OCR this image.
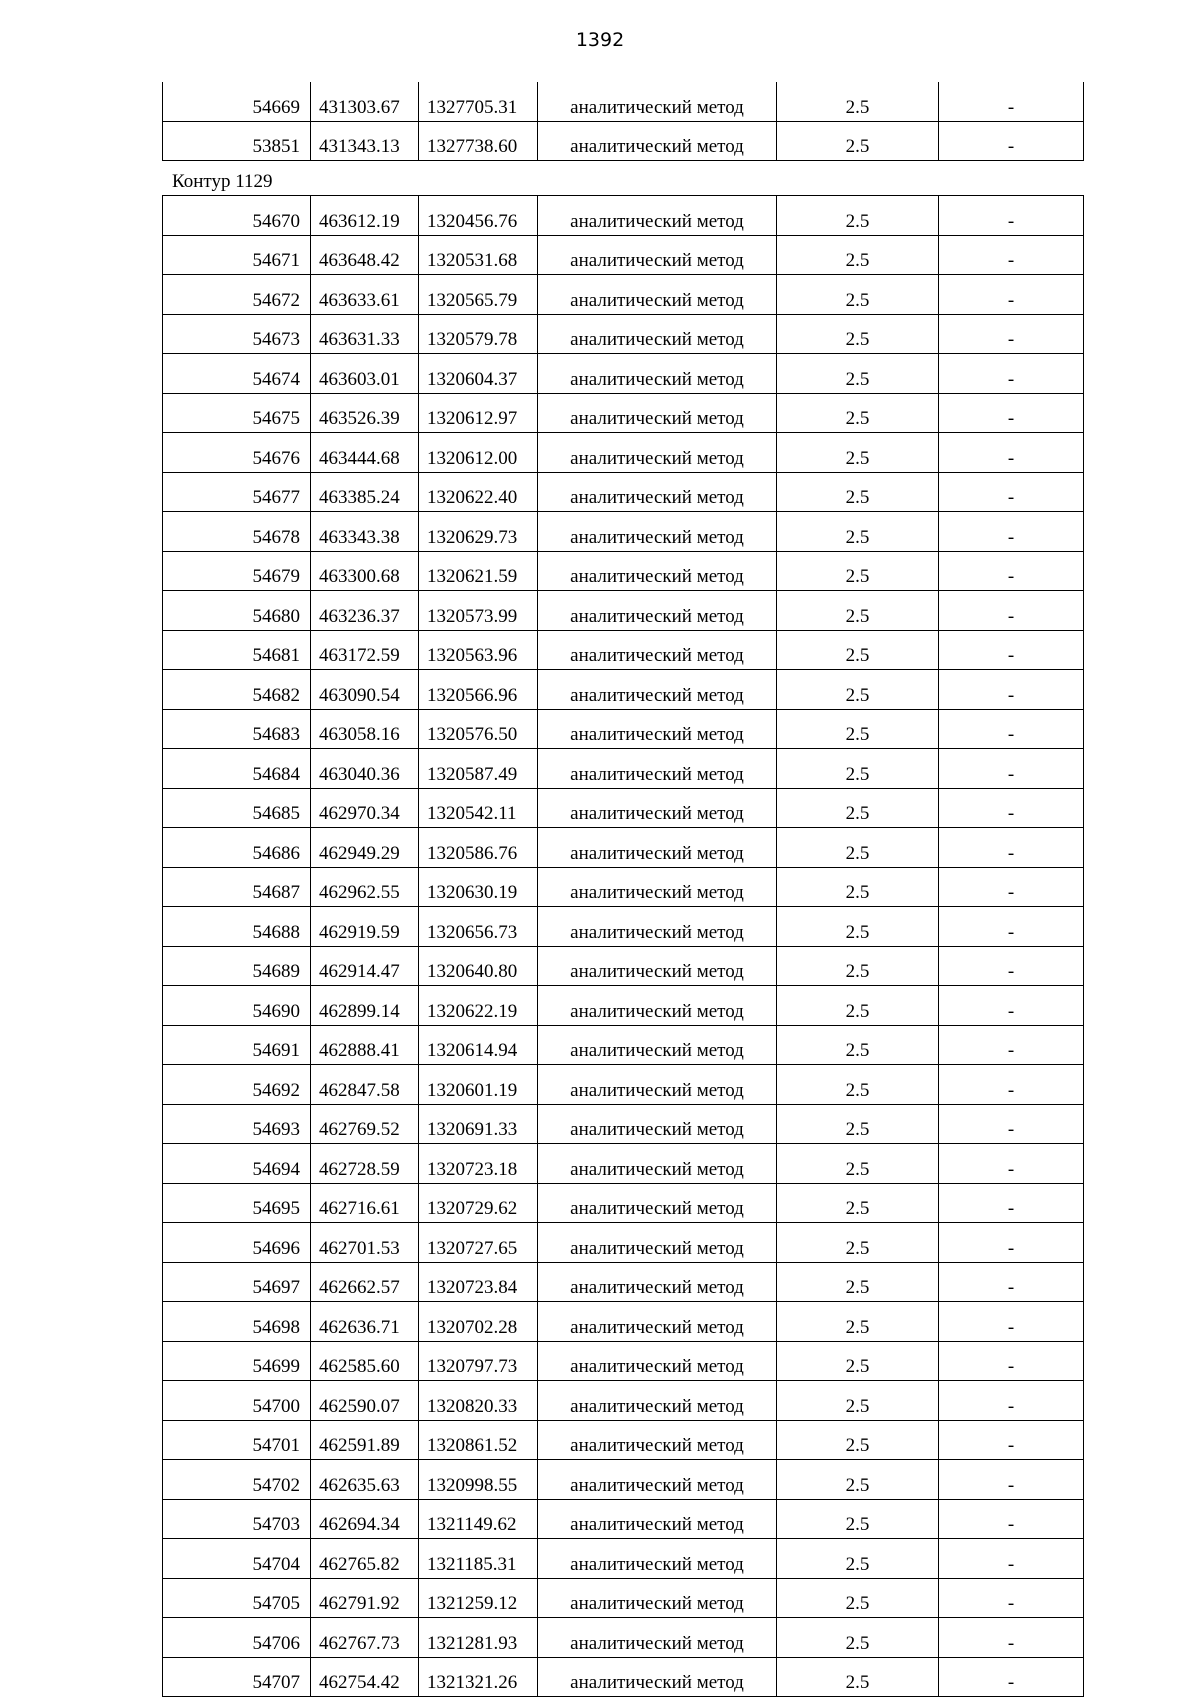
1392
54669	431303.67	1327705.31	аналитический метод	2.5	-
53851	431343.13	1327738.60	аналитический метод	2.5	-
Контур 1129
54670	463612.19	1320456.76	аналитический метод	2.5	-
54671	463648.42	1320531.68	аналитический метод	2.5	-
54672	463633.61	1320565.79	аналитический метод	2.5	-
54673	463631.33	1320579.78	аналитический метод	2.5	-
54674	463603.01	1320604.37	аналитический метод	2.5	-
54675	463526.39	1320612.97	аналитический метод	2.5	-
54676	463444.68	1320612.00	аналитический метод	2.5	-
54677	463385.24	1320622.40	аналитический метод	2.5	-
54678	463343.38	1320629.73	аналитический метод	2.5	-
54679	463300.68	1320621.59	аналитический метод	2.5	-
54680	463236.37	1320573.99	аналитический метод	2.5	-
54681	463172.59	1320563.96	аналитический метод	2.5	-
54682	463090.54	1320566.96	аналитический метод	2.5	-
54683	463058.16	1320576.50	аналитический метод	2.5	-
54684	463040.36	1320587.49	аналитический метод	2.5	-
54685	462970.34	1320542.11	аналитический метод	2.5	-
54686	462949.29	1320586.76	аналитический метод	2.5	-
54687	462962.55	1320630.19	аналитический метод	2.5	-
54688	462919.59	1320656.73	аналитический метод	2.5	-
54689	462914.47	1320640.80	аналитический метод	2.5	-
54690	462899.14	1320622.19	аналитический метод	2.5	-
54691	462888.41	1320614.94	аналитический метод	2.5	-
54692	462847.58	1320601.19	аналитический метод	2.5	-
54693	462769.52	1320691.33	аналитический метод	2.5	-
54694	462728.59	1320723.18	аналитический метод	2.5	-
54695	462716.61	1320729.62	аналитический метод	2.5	-
54696	462701.53	1320727.65	аналитический метод	2.5	-
54697	462662.57	1320723.84	аналитический метод	2.5	-
54698	462636.71	1320702.28	аналитический метод	2.5	-
54699	462585.60	1320797.73	аналитический метод	2.5	-
54700	462590.07	1320820.33	аналитический метод	2.5	-
54701	462591.89	1320861.52	аналитический метод	2.5	-
54702	462635.63	1320998.55	аналитический метод	2.5	-
54703	462694.34	1321149.62	аналитический метод	2.5	-
54704	462765.82	1321185.31	аналитический метод	2.5	-
54705	462791.92	1321259.12	аналитический метод	2.5	-
54706	462767.73	1321281.93	аналитический метод	2.5	-
54707	462754.42	1321321.26	аналитический метод	2.5	-
